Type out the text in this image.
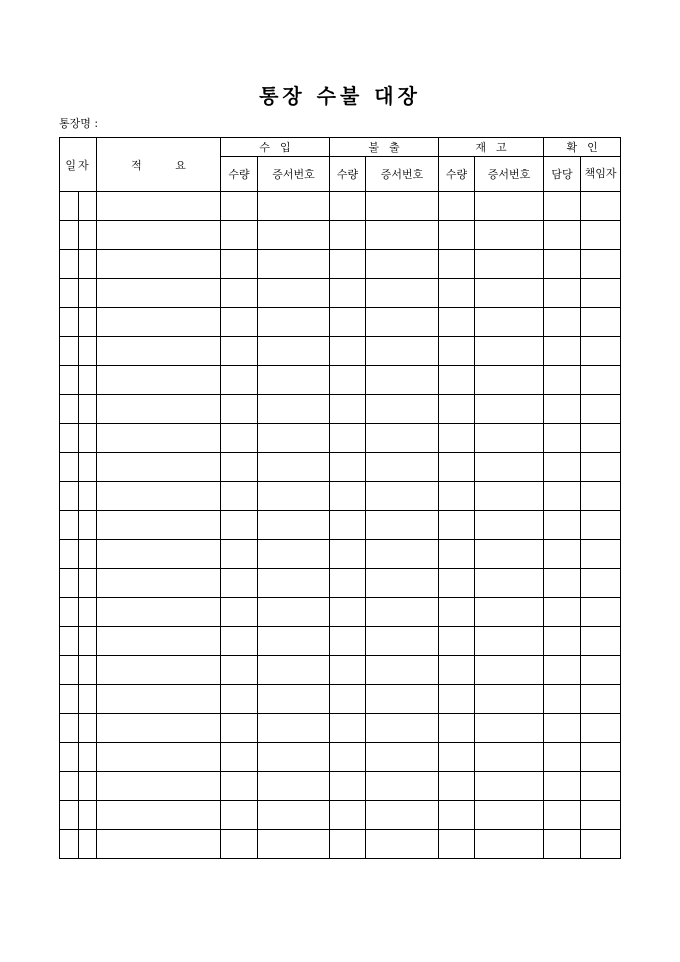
통장 수불 대장
통장명 :
일자		적 요	수입		불출		재고		확인	
			수량	증서번호	수량	증서번호	수량	증서번호	담당	책임자
